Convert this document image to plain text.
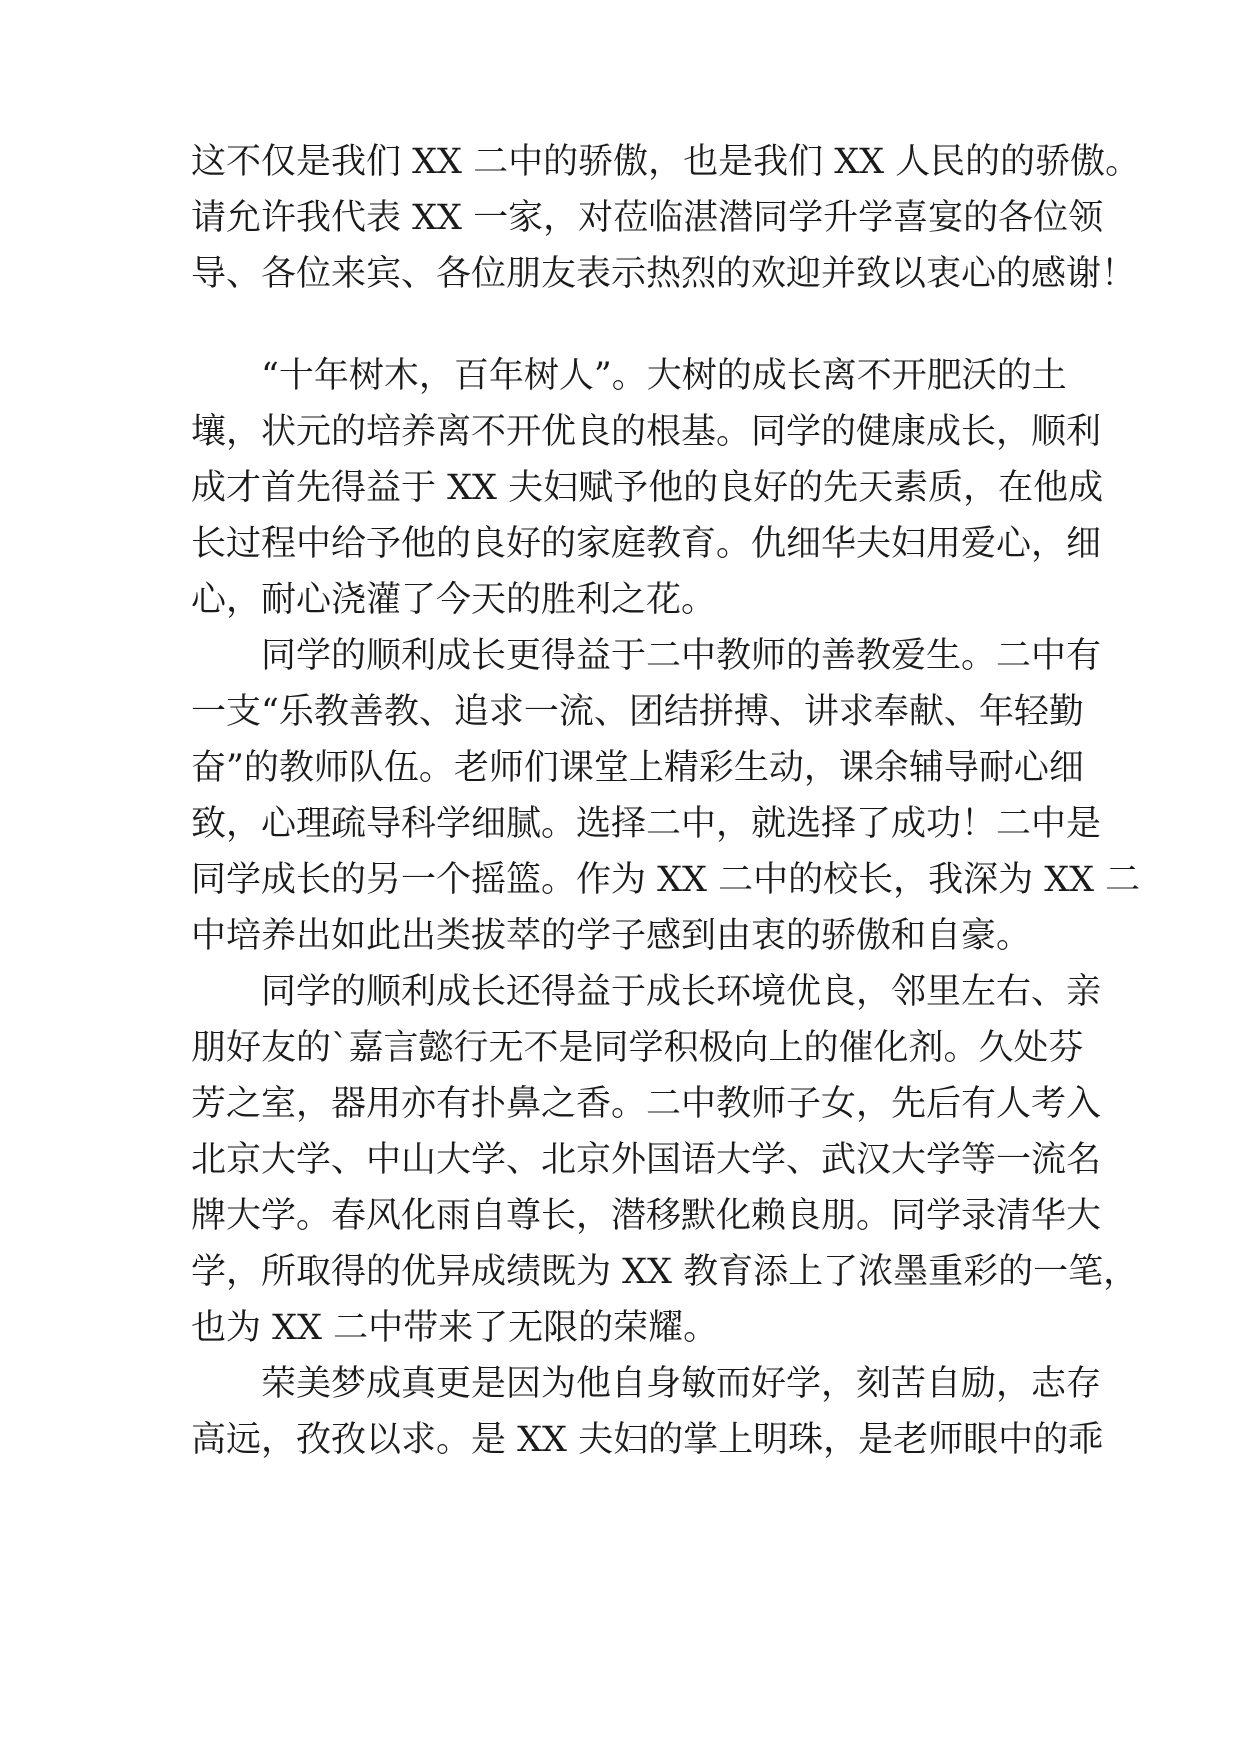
这不仅是我们 XX 二中的骄傲，也是我们 XX 人民的的骄傲。
请允许我代表 XX 一家，对莅临湛潜同学升学喜宴的各位领
导、各位来宾、各位朋友表示热烈的欢迎并致以衷心的感谢！
“十年树木，百年树人”。大树的成长离不开肥沃的土
壤，状元的培养离不开优良的根基。同学的健康成长，顺利
成才首先得益于 XX 夫妇赋予他的良好的先天素质，在他成
长过程中给予他的良好的家庭教育。仇细华夫妇用爱心，细
心，耐心浇灌了今天的胜利之花。
同学的顺利成长更得益于二中教师的善教爱生。二中有
一支“乐教善教、追求一流、团结拼搏、讲求奉献、年轻勤
奋”的教师队伍。老师们课堂上精彩生动，课余辅导耐心细
致，心理疏导科学细腻。选择二中，就选择了成功！二中是
同学成长的另一个摇篮。作为 XX 二中的校长，我深为 XX 二
中培养出如此出类拔萃的学子感到由衷的骄傲和自豪。
同学的顺利成长还得益于成长环境优良，邻里左右、亲
朋好友的`嘉言懿行无不是同学积极向上的催化剂。久处芬
芳之室，器用亦有扑鼻之香。二中教师子女，先后有人考入
北京大学、中山大学、北京外国语大学、武汉大学等一流名
牌大学。春风化雨自尊长，潜移默化赖良朋。同学录清华大
学，所取得的优异成绩既为 XX 教育添上了浓墨重彩的一笔，
也为 XX 二中带来了无限的荣耀。
荣美梦成真更是因为他自身敏而好学，刻苦自励，志存
高远，孜孜以求。是 XX 夫妇的掌上明珠，是老师眼中的乖
